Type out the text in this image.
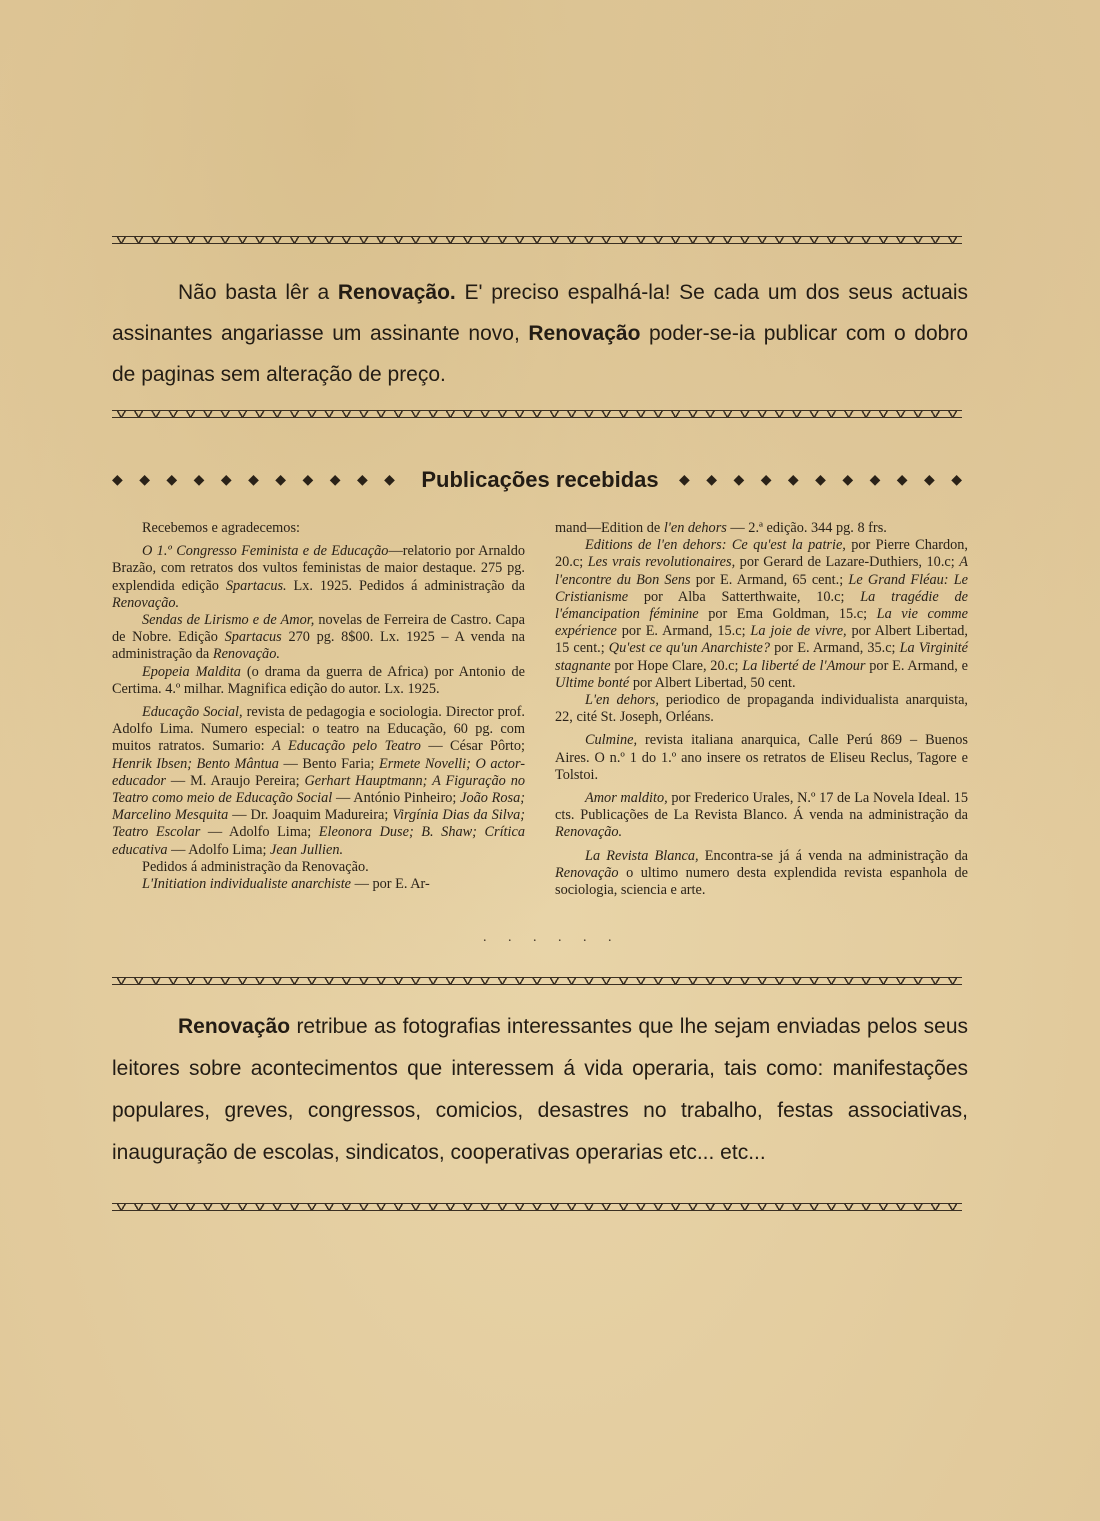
Não basta lêr a Renovação. E' preciso espalhá-la! Se cada um dos seus actuais assinantes angariasse um assinante novo, Renovação poder-se-ia publicar com o dobro de paginas sem alteração de preço.

◆ ◆ ◆ ◆ ◆ ◆ ◆ ◆ ◆ ◆ ◆ Publicações recebidas ◆ ◆ ◆ ◆ ◆ ◆ ◆ ◆ ◆ ◆ ◆

Recebemos e agradecemos:

O 1.º Congresso Feminista e de Educação—relatorio por Arnaldo Brazão, com retratos dos vultos feministas de maior destaque. 275 pg. explendida edição Spartacus. Lx. 1925. Pedidos á administração da Renovação.

Sendas de Lirismo e de Amor, novelas de Ferreira de Castro. Capa de Nobre. Edição Spartacus 270 pg. 8$00. Lx. 1925 – A venda na administração da Renovação.

Epopeia Maldita (o drama da guerra de Africa) por Antonio de Certima. 4.º milhar. Magnifica edição do autor. Lx. 1925.

Educação Social, revista de pedagogia e sociologia. Director prof. Adolfo Lima. Numero especial: o teatro na Educação, 60 pg. com muitos ratratos. Sumario: A Educação pelo Teatro — César Pôrto; Henrik Ibsen; Bento Mântua — Bento Faria; Ermete Novelli; O actor-educador — M. Araujo Pereira; Gerhart Hauptmann; A Figuração no Teatro como meio de Educação Social — António Pinheiro; João Rosa; Marcelino Mesquita — Dr. Joaquim Madureira; Virgínia Dias da Silva; Teatro Escolar — Adolfo Lima; Eleonora Duse; B. Shaw; Crítica educativa — Adolfo Lima; Jean Jullien.

Pedidos á administração da Renovação.

L'Initiation individualiste anarchiste — por E. Ar-

mand—Edition de l'en dehors — 2.ª edição. 344 pg. 8 frs.

Editions de l'en dehors: Ce qu'est la patrie, por Pierre Chardon, 20.c; Les vrais revolutionaires, por Gerard de Lazare-Duthiers, 10.c; A l'encontre du Bon Sens por E. Armand, 65 cent.; Le Grand Fléau: Le Cristianisme por Alba Satterthwaite, 10.c; La tragédie de l'émancipation féminine por Ema Goldman, 15.c; La vie comme expérience por E. Armand, 15.c; La joie de vivre, por Albert Libertad, 15 cent.; Qu'est ce qu'un Anarchiste? por E. Armand, 35.c; La Virginité stagnante por Hope Clare, 20.c; La liberté de l'Amour por E. Armand, e Ultime bonté por Albert Libertad, 50 cent.

L'en dehors, periodico de propaganda individualista anarquista, 22, cité St. Joseph, Orléans.

Culmine, revista italiana anarquica, Calle Perú 869 – Buenos Aires. O n.º 1 do 1.º ano insere os retratos de Eliseu Reclus, Tagore e Tolstoi.

Amor maldito, por Frederico Urales, N.º 17 de La Novela Ideal. 15 cts. Publicações de La Revista Blanco. Á venda na administração da Renovação.

La Revista Blanca, Encontra-se já á venda na administração da Renovação o ultimo numero desta explendida revista espanhola de sociologia, sciencia e arte.

. . . . . .

Renovação retribue as fotografias interessantes que lhe sejam enviadas pelos seus leitores sobre acontecimentos que interessem á vida operaria, tais como: manifestações populares, greves, congressos, comicios, desastres no trabalho, festas associativas, inauguração de escolas, sindicatos, cooperativas operarias etc... etc...
